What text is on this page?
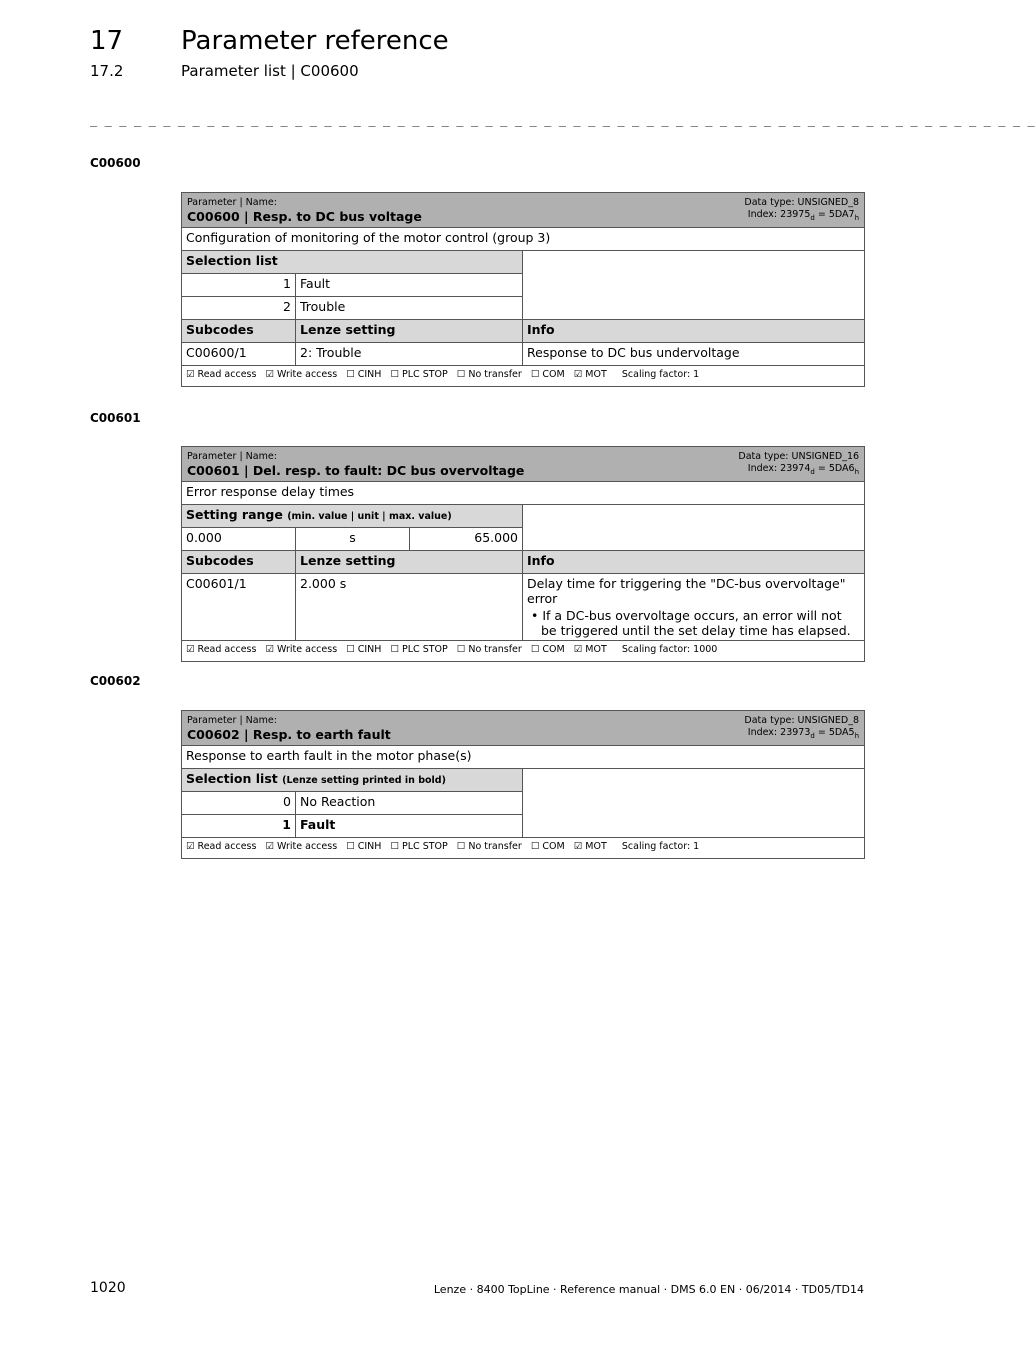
17 Parameter reference
17.2	Parameter list | C00600
_ _ _ _ _ _ _ _ _ _ _ _ _ _ _ _ _ _ _ _ _ _ _ _ _ _ _ _ _ _ _ _ _ _ _ _ _ _ _ _ _ _ _ _ _ _ _ _ _ _ _ _ _ _ _ _ _ _ _ _ _ _ _ _ _
C00600
Parameter | Name:
C00600 | Resp. to DC bus voltage
Data type: UNSIGNED_8
Index: $23975_d = 5DA7_h$

Configuration of monitoring of the motor control (group 3)		
Selection list		
1	Fault	
2	Trouble	
Subcodes	Lenze setting	Info
C00600/1	2: Trouble	Response to DC bus undervoltage
☑ Read access   ☑ Write access   ☐ CINH   ☐ PLC STOP   ☐ No transfer   ☐ COM   ☑ MOT     Scaling factor: 1		
C00601
Parameter | Name:
C00601 | Del. resp. to fault: DC bus overvoltage
Data type: UNSIGNED_16
Index: $23974_d = 5DA6_h$

Error response delay times			
Setting range (min. value | unit | max. value)			
0.000	s	65.000	
Subcodes	Lenze setting		Info
C00601/1	2.000 s		Delay time for triggering the "DC-bus overvoltage" error
• If a DC-bus overvoltage occurs, an error will not be triggered until the set delay time has elapsed.

☑ Read access   ☑ Write access   ☐ CINH   ☐ PLC STOP   ☐ No transfer   ☐ COM   ☑ MOT     Scaling factor: 1000			
C00602
Parameter | Name:
C00602 | Resp. to earth fault
Data type: UNSIGNED_8
Index: $23973_d = 5DA5_h$

Response to earth fault in the motor phase(s)		
Selection list (Lenze setting printed in bold)		
0	No Reaction	
1	Fault	
☑ Read access   ☑ Write access   ☐ CINH   ☐ PLC STOP   ☐ No transfer   ☐ COM   ☑ MOT     Scaling factor: 1		
1020	Lenze · 8400 TopLine · Reference manual · DMS 6.0 EN · 06/2014 · TD05/TD14
